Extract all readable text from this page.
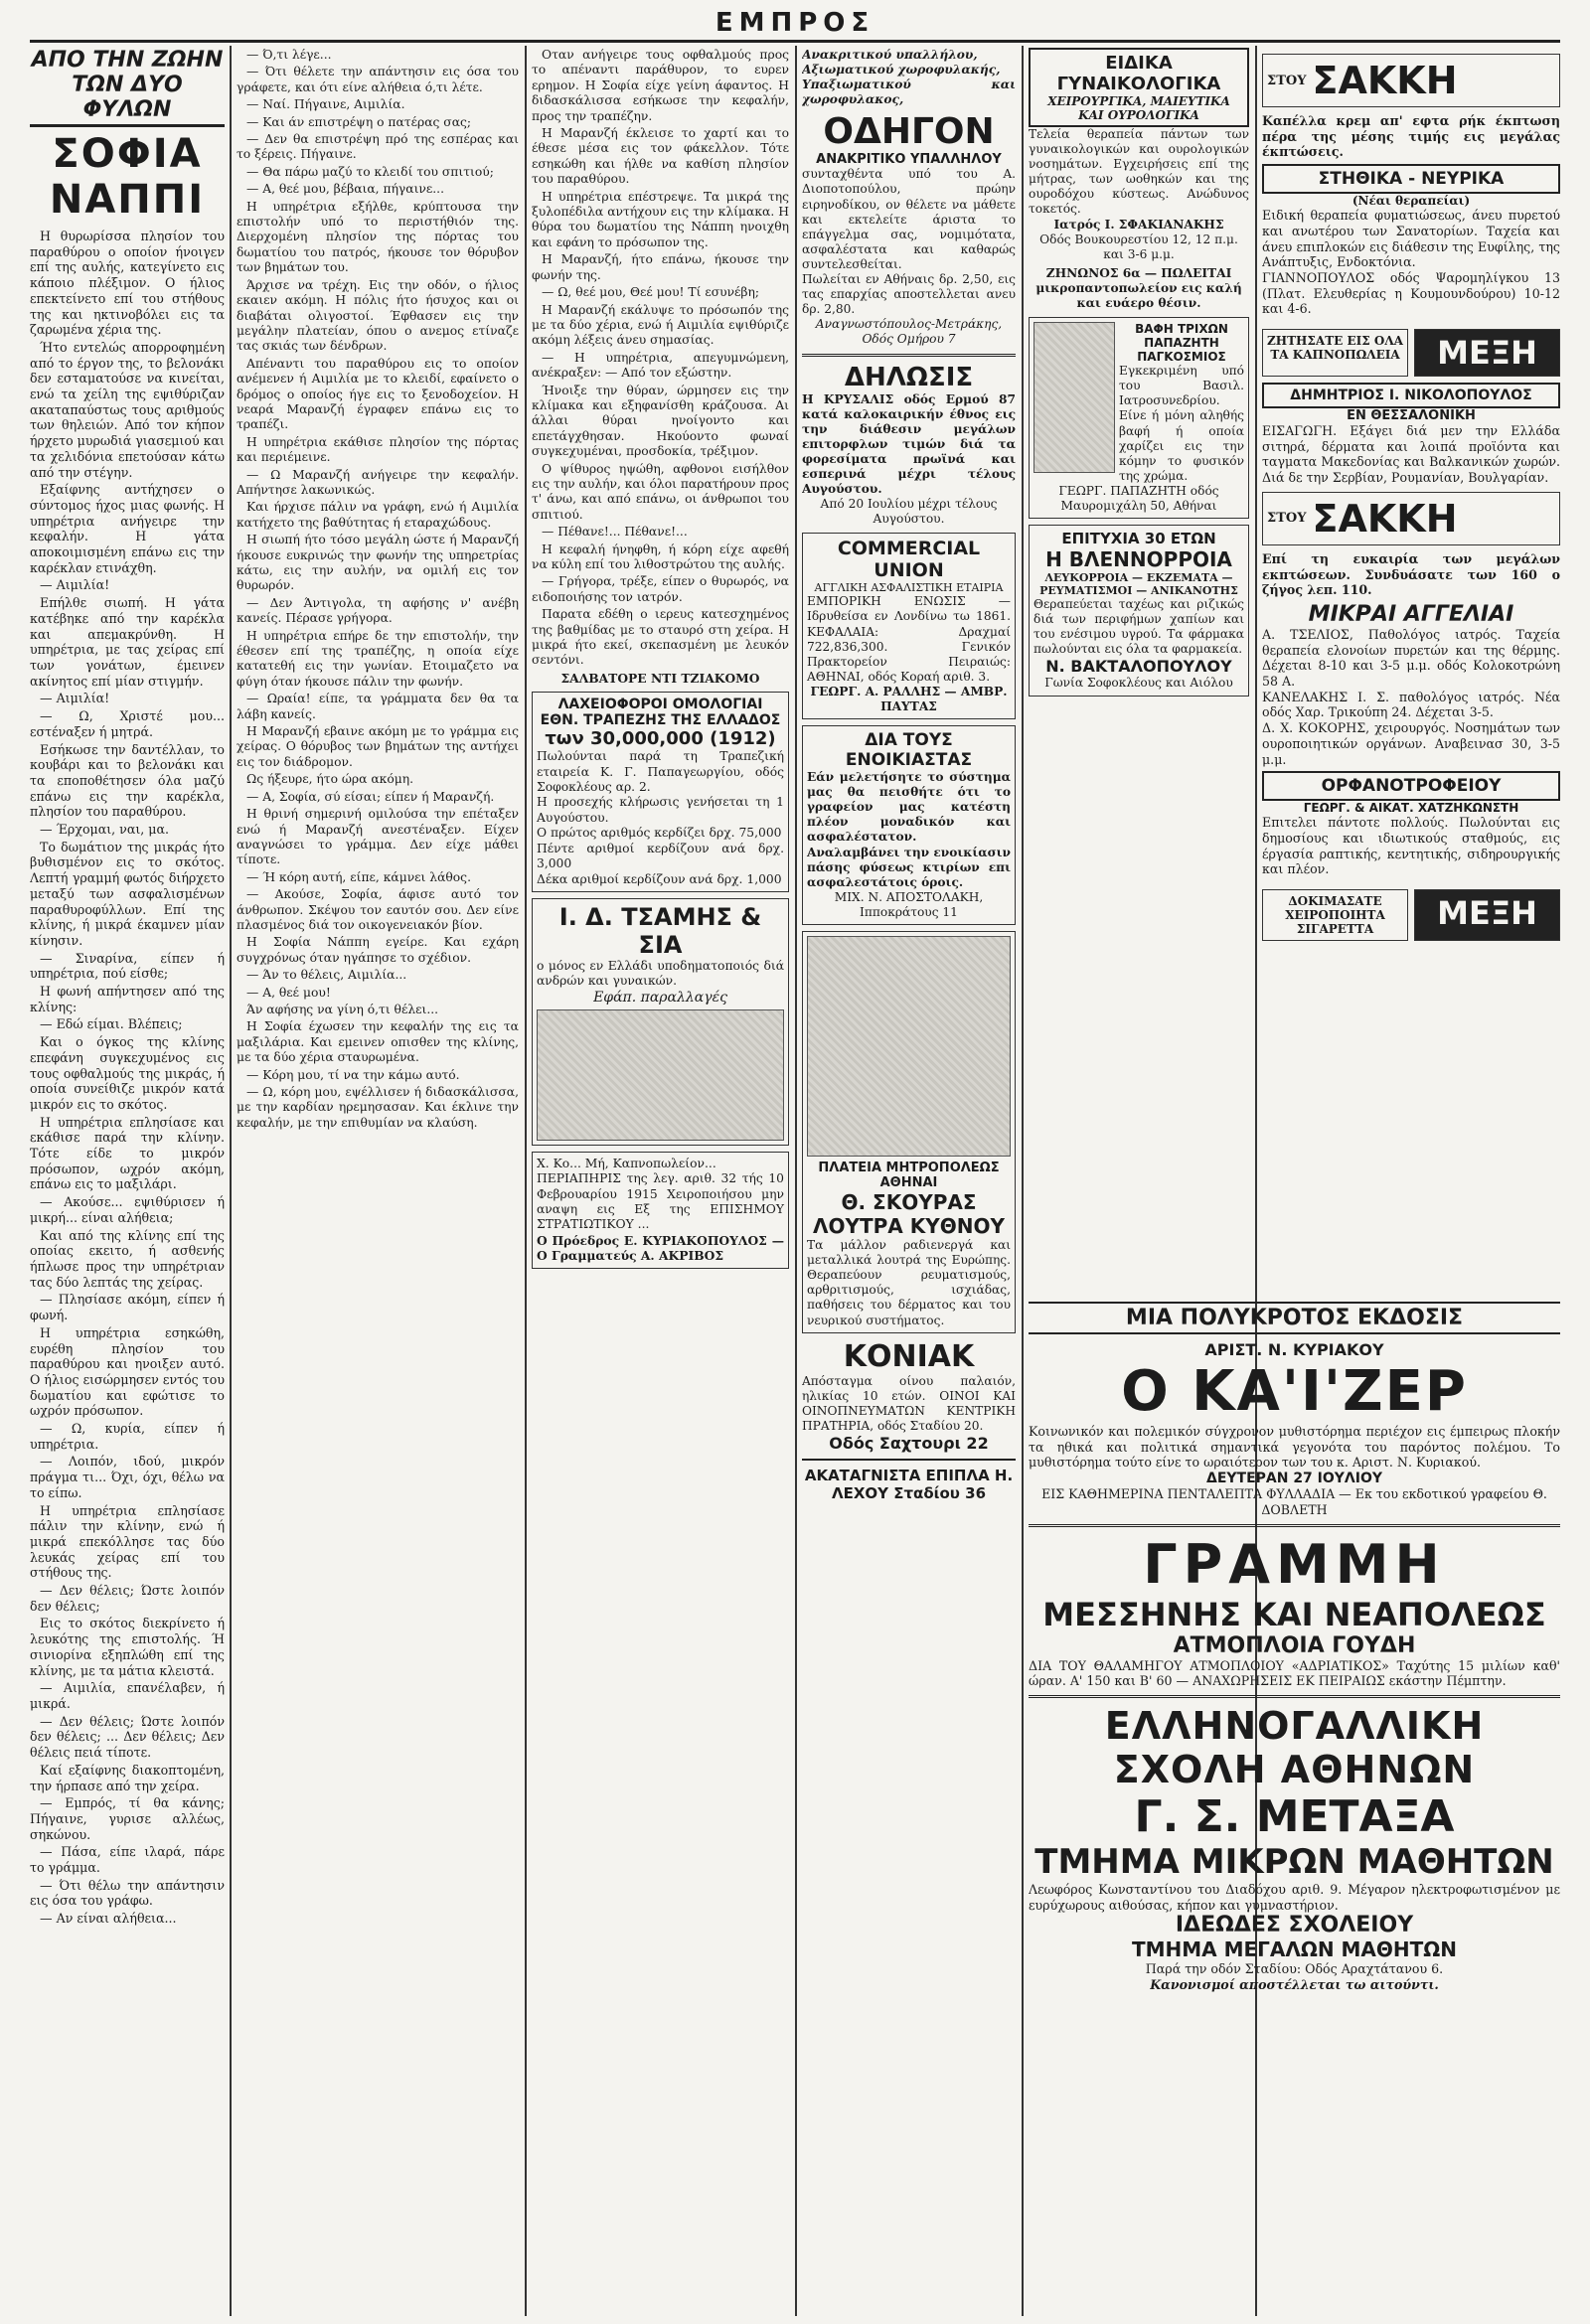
ΕΜΠΡΟΣ
ΑΠΟ ΤΗΝ ΖΩΗΝ ΤΩΝ ΔΥΟ ΦΥΛΩΝ
ΣΟΦΙΑ ΝΑΠΠΙ

Η θυρωρίσσα πλησίον του παραθύρου ο οποίον ήνοιγεν επί της αυλής, κατεγίνετο εις κάποιο πλέξιμον. Ο ήλιος επεκτείνετο επί του στήθους της και ηκτινοβόλει εις τα ζαρωμένα χέρια της.

Ήτο εντελώς απορροφημένη από το έργον της, το βελονάκι δεν εσταματούσε να κινείται, ενώ τα χείλη της εψιθύριζαν ακαταπαύστως τους αριθμούς των θηλειών. Από τον κήπον ήρχετο μυρωδιά γιασεμιού και τα χελιδόνια επετούσαν κάτω από την στέγην.

Εξαίφνης αντήχησεν ο σύντομος ήχος μιας φωνής. Η υπηρέτρια ανήγειρε την κεφαλήν. Η γάτα αποκοιμισμένη επάνω εις την καρέκλαν ετινάχθη.

— Αιμιλία!

Επήλθε σιωπή. Η γάτα κατέβηκε από την καρέκλα και απεμακρύνθη. Η υπηρέτρια, με τας χείρας επί των γονάτων, έμεινεν ακίνητος επί μίαν στιγμήν.

— Αιμιλία!

— Ω, Χριστέ μου... εστέναξεν ή μητρά.

Εσήκωσε την δαντέλλαν, το κουβάρι και το βελονάκι και τα εποποθέτησεν όλα μαζύ επάνω εις την καρέκλα, πλησίον του παραθύρου.

— Έρχομαι, ναι, μα.

Το δωμάτιον της μικράς ήτο βυθισμένον εις το σκότος. Λεπτή γραμμή φωτός διήρχετο μεταξύ των ασφαλισμένων παραθυροφύλλων. Επί της κλίνης, ή μικρά έκαμνεν μίαν κίνησιν.

— Σιναρίνα, είπεν ή υπηρέτρια, πού είσθε;

Η φωνή απήντησεν από της κλίνης:

— Εδώ είμαι. Βλέπεις;

Και ο όγκος της κλίνης επεφάνη συγκεχυμένος εις τους οφθαλμούς της μικράς, ή οποία συνείθιζε μικρόν κατά μικρόν εις το σκότος.

Η υπηρέτρια επλησίασε και εκάθισε παρά την κλίνην. Τότε είδε το μικρόν πρόσωπον, ωχρόν ακόμη, επάνω εις το μαξιλάρι.

— Ακούσε... εψιθύρισεν ή μικρή... είναι αλήθεια;

Και από της κλίνης επί της οποίας εκειτο, ή ασθενής ήπλωσε προς την υπηρέτριαν τας δύο λεπτάς της χείρας.

— Πλησίασε ακόμη, είπεν ή φωνή.

Η υπηρέτρια εσηκώθη, ευρέθη πλησίον του παραθύρου και ηνοιξεν αυτό. Ο ήλιος εισώρμησεν εντός του δωματίου και εφώτισε το ωχρόν πρόσωπον.

— Ω, κυρία, είπεν ή υπηρέτρια.

— Λοιπόν, ιδού, μικρόν πράγμα τι... Όχι, όχι, θέλω να το είπω.

Η υπηρέτρια επλησίασε πάλιν την κλίνην, ενώ ή μικρά επεκόλλησε τας δύο λευκάς χείρας επί του στήθους της.

— Δεν θέλεις; Ώστε λοιπόν δεν θέλεις;

Εις το σκότος διεκρίνετο ή λευκότης της επιστολής. Ή σινιορίνα εξηπλώθη επί της κλίνης, με τα μάτια κλειστά.

— Αιμιλία, επανέλαβεν, ή μικρά.

— Δεν θέλεις; Ώστε λοιπόν δεν θέλεις; ... Δεν θέλεις; Δεν θέλεις πειά τίποτε.

Καί εξαίφνης διακοπτομένη, την ήρπασε από την χείρα.

— Εμπρός, τί θα κάνης; Πήγαινε, γυρισε αλλέως, σηκώνου.

— Πάσα, είπε ιλαρά, πάρε το γράμμα.

— Ότι θέλω την απάντησιν εις όσα του γράφω.

— Αν είναι αλήθεια...

— Ό,τι λέγε...

— Ότι θέλετε την απάντησιν εις όσα του γράφετε, και ότι είνε αλήθεια ό,τι λέτε.

— Ναί. Πήγαινε, Αιμιλία.

— Και άν επιστρέψη ο πατέρας σας;

— Δεν θα επιστρέψη πρό της εσπέρας και το ξέρεις. Πήγαινε.

— Θα πάρω μαζύ το κλειδί του σπιτιού;

— Α, θεέ μου, βέβαια, πήγαινε...

Η υπηρέτρια εξήλθε, κρύπτουσα την επιστολήν υπό το περιστήθιόν της. Διερχομένη πλησίον της πόρτας του δωματίου του πατρός, ήκουσε τον θόρυβον των βημάτων του.

Άρχισε να τρέχη. Εις την οδόν, ο ήλιος εκαιεν ακόμη. Η πόλις ήτο ήσυχος και οι διαβάται ολιγοστοί. Έφθασεν εις την μεγάλην πλατείαν, όπου ο ανεμος ετίναζε τας σκιάς των δένδρων.

Απέναντι του παραθύρου εις το οποίον ανέμενεν ή Αιμιλία με το κλειδί, εφαίνετο ο δρόμος ο οποίος ήγε εις το ξενοδοχείον. Η νεαρά Μαρανζή έγραφεν επάνω εις το τραπέζι.

Η υπηρέτρια εκάθισε πλησίον της πόρτας και περιέμεινε.

— Ω Μαρανζή ανήγειρε την κεφαλήν. Απήντησε λακωνικώς.

Και ήρχισε πάλιν να γράφη, ενώ ή Αιμιλία κατήχετο της βαθύτητας ή εταραχώδους.

Η σιωπή ήτο τόσο μεγάλη ώστε ή Μαρανζή ήκουσε ευκρινώς την φωνήν της υπηρετρίας κάτω, εις την αυλήν, να ομιλή εις τον θυρωρόν.

— Δεν Άντιγολα, τη αφήσης ν' ανέβη κανείς. Πέρασε γρήγορα.

Η υπηρέτρια επήρε δε την επιστολήν, την έθεσεν επί της τραπέζης, η οποία είχε κατατεθή εις την γωνίαν. Ετοιμαζετο να φύγη όταν ήκουσε πάλιν την φωνήν.

— Ωραία! είπε, τα γράμματα δεν θα τα λάβη κανείς.

Η Μαρανζή εβαινε ακόμη με το γράμμα εις χείρας. Ο θόρυβος των βημάτων της αντήχει εις τον διάδρομον.

Ως ήξευρε, ήτο ώρα ακόμη.

— Α, Σοφία, σύ είσαι; είπεν ή Μαρανζή.

Η θρινή σημερινή ομιλούσα την επέταξεν ενώ ή Μαρανζή ανεστέναξεν. Είχεν αναγνώσει το γράμμα. Δεν είχε μάθει τίποτε.

— Ή κόρη αυτή, είπε, κάμνει λάθος.

— Ακούσε, Σοφία, άφισε αυτό τον άνθρωπον. Σκέψου τον εαυτόν σου. Δεν είνε πλασμένος διά τον οικογενειακόν βίον.

Η Σοφία Νάππη εγείρε. Και εχάρη συγχρόνως όταν ηγάπησε το σχέδιον.

— Άν το θέλεις, Αιμιλία...

— Α, θεέ μου!

Άν αφήσης να γίνη ό,τι θέλει...

Η Σοφία έχωσεν την κεφαλήν της εις τα μαξιλάρια. Και εμεινεν οπισθεν της κλίνης, με τα δύο χέρια σταυρωμένα.

— Κόρη μου, τί να την κάμω αυτό.

— Ω, κόρη μου, εψέλλισεν ή διδασκάλισσα, με την καρδίαν ηρεμησασαν. Και έκλινε την κεφαλήν, με την επιθυμίαν να κλαύση.

Οταν ανήγειρε τους οφθαλμούς προς το απέναντι παράθυρον, το ευρεν ερημον. Η Σοφία είχε γείνη άφαντος. Η διδασκάλισσα εσήκωσε την κεφαλήν, προς την τραπέζην.

Η Μαρανζή έκλεισε το χαρτί και το έθεσε μέσα εις τον φάκελλον. Τότε εσηκώθη και ήλθε να καθίση πλησίον του παραθύρου.

Η υπηρέτρια επέστρεψε. Τα μικρά της ξυλοπέδιλα αντήχουν εις την κλίμακα. Η θύρα του δωματίου της Νάππη ηνοιχθη και εφάνη το πρόσωπον της.

Η Μαρανζή, ήτο επάνω, ήκουσε την φωνήν της.

— Ω, θεέ μου, Θεέ μου! Τί εσυνέβη;

Η Μαρανζή εκάλυψε το πρόσωπόν της με τα δύο χέρια, ενώ ή Αιμιλία εψιθύριζε ακόμη λέξεις άνευ σημασίας.

— Η υπηρέτρια, απεγυμνώμενη, ανέκραξεν: — Από τον εξώστην.

Ήνοιξε την θύραν, ώρμησεν εις την κλίμακα και εξηφανίσθη κράζουσα. Αι άλλαι θύραι ηνοίγοντο και επετάγχθησαν. Ηκούοντο φωναί συγκεχυμέναι, προσδοκία, τρέξιμον.

Ο ψίθυρος ηψώθη, αφθονοι εισήλθον εις την αυλήν, και όλοι παρατήρουν προς τ' άνω, και από επάνω, οι άνθρωποι του σπιτιού.

— Πέθανε!... Πέθανε!...

Η κεφαλή ήνηφθη, ή κόρη είχε αφεθή να κύλη επί του λιθοστρώτου της αυλής.

— Γρήγορα, τρέξε, είπεν ο θυρωρός, να ειδοποιήσης τον ιατρόν.

Παρατα εδέθη ο ιερευς κατεσχημένος της βαθμίδας με το σταυρό στη χείρα. Η μικρά ήτο εκεί, σκεπασμένη με λευκόν σεντόνι.

ΣΑΛΒΑΤΟΡΕ ΝΤΙ ΤΖΙΑΚΟΜΟ

ΛΑΧΕΙΟΦΟΡΟΙ ΟΜΟΛΟΓΙΑΙ ΕΘΝ. ΤΡΑΠΕΖΗΣ ΤΗΣ ΕΛΛΑΔΟΣ
των 30,000,000 (1912)
Πωλούνται παρά τη Τραπεζική εταιρεία Κ. Γ. Παπαγεωργίου, οδός Σοφοκλέους αρ. 2.
Η προσεχής κλήρωσις γενήσεται τη 1 Αυγούστου.
Ο πρώτος αριθμός κερδίζει δρχ. 75,000
Πέντε αριθμοί κερδίζουν ανά δρχ. 3,000
Δέκα αριθμοί κερδίζουν ανά δρχ. 1,000
Ι. Δ. ΤΣΑΜΗΣ & ΣΙΑ
ο μόνος εν Ελλάδι υποδηματοποιός διά ανδρών και γυναικών.
Εφάπ. παραλλαγές
Χ. Κο... Μή, Καπνοπωλείον...
ΠΕΡΙΑΠΗΡΙΣ της λεγ. αριθ. 32 τής 10 Φεβρουαρίου 1915 Χειροποιήσου μην αναψη εις Εξ της ΕΠΙΣΗΜΟΥ ΣΤΡΑΤΙΩΤΙΚΟΥ ...
Ο Πρόεδρος Ε. ΚΥΡΙΑΚΟΠΟΥΛΟΣ — Ο Γραμματεύς Α. ΑΚΡΙΒΟΣ
Ανακριτικού υπαλλήλου,
Αξιωματικού χωροφυλακής,
Υπαξιωματικού και χωροφυλακος,
ΟΔΗΓΟΝ
ΑΝΑΚΡΙΤΙΚΟ ΥΠΑΛΛΗΛΟΥ
συνταχθέντα υπό του Α. Διοποτοπούλου, πρώην ειρηνοδίκου, ον θέλετε να μάθετε και εκτελείτε άριστα το επάγγελμα σας, νομιμότατα, ασφαλέστατα και καθαρώς συντελεσθείται.
Πωλείται εν Αθήναις δρ. 2,50, εις τας επαρχίας αποστελλεται ανευ δρ. 2,80.
Αναγνωστόπουλος-Μετράκης, Οδός Ομήρου 7
ΔΗΛΩΣΙΣ
Η ΚΡΥΣΑΛΙΣ οδός Ερμού 87 κατά καλοκαιρικήν έθνος εις την διάθεσιν μεγάλων επιτορφλων τιμών διά τα φορεσίματα πρωϊνά και εσπερινά μέχρι τέλους Αυγούστου.
Από 20 Ιουλίου μέχρι τέλους Αυγούστου.
COMMERCIAL UNION
ΑΓΓΛΙΚΗ ΑΣΦΑΛΙΣΤΙΚΗ ΕΤΑΙΡΙΑ
ΕΜΠΟΡΙΚΗ ΕΝΩΣΙΣ — Ιδρυθείσα εν Λονδίνω τω 1861. ΚΕΦΑΛΑΙΑ: Δραχμαί 722,836,300. Γενικόν Πρακτορείον Πειραιώς: ΑΘΗΝΑΙ, οδός Κοραή αριθ. 3.
ΓΕΩΡΓ. Α. ΡΑΛΛΗΣ — ΑΜΒΡ. ΠΑΥΤΑΣ
ΔΙΑ ΤΟΥΣ ΕΝΟΙΚΙΑΣΤΑΣ
Εάν μελετήσητε το σύστημα μας θα πεισθήτε ότι το γραφείον μας κατέστη πλέον μοναδικόν και ασφαλέστατον. Αναλαμβάνει την ενοικίασιν πάσης φύσεως κτιρίων επι ασφαλεστάτοις όροις.
ΜΙΧ. Ν. ΑΠΟΣΤΟΛΑΚΗ, Ιπποκράτους 11
ΠΛΑΤΕΙΑ ΜΗΤΡΟΠΟΛΕΩΣ ΑΘΗΝΑΙ
Θ. ΣΚΟΥΡΑΣ ΛΟΥΤΡΑ ΚΥΘΝΟΥ
Τα μάλλον ραδιενεργά και μεταλλικά λουτρά της Ευρώπης. Θεραπεύουν ρευματισμούς, αρθριτισμούς, ισχιάδας, παθήσεις του δέρματος και του νευρικού συστήματος.
ΚΟΝΙΑΚ
Απόσταγμα οίνου παλαιόν, ηλικίας 10 ετών. ΟΙΝΟΙ ΚΑΙ ΟΙΝΟΠΝΕΥΜΑΤΩΝ ΚΕΝΤΡΙΚΗ ΠΡΑΤΗΡΙΑ, οδός Σταδίου 20.
Οδός Σαχτουρι 22
ΑΚΑΤΑΓΝΙΣΤΑ ΕΠΙΠΛΑ Η. ΛΕΧΟΥ Σταδίου 36
ΕΙΔΙΚΑ ΓΥΝΑΙΚΟΛΟΓΙΚΑ
ΧΕΙΡΟΥΡΓΙΚΑ, ΜΑΙΕΥΤΙΚΑ ΚΑΙ ΟΥΡΟΛΟΓΙΚΑ
Τελεία θεραπεία πάντων των γυναικολογικών και ουρολογικών νοσημάτων. Εγχειρήσεις επί της μήτρας, των ωοθηκών και της ουροδόχου κύστεως. Ανώδυνος τοκετός.
Ιατρός Ι. ΣΦΑΚΙΑΝΑΚΗΣ
Οδός Βουκουρεστίου 12, 12 π.μ. και 3-6 μ.μ.
ΖΗΝΩΝΟΣ 6α — ΠΩΛΕΙΤΑΙ μικροπαντοπωλείον εις καλή και ευάερο θέσιν.
ΒΑΦΗ ΤΡΙΧΩΝ ΠΑΠΑΖΗΤΗ ΠΑΓΚΟΣΜΙΟΣ
Εγκεκριμένη υπό του Βασιλ. Ιατροσυνεδρίου. Είνε ή μόνη αληθής βαφή ή οποία χαρίζει εις την κόμην το φυσικόν της χρώμα.
ΓΕΩΡΓ. ΠΑΠΑΖΗΤΗ οδός Μαυρομιχάλη 50, Αθήναι
ΕΠΙΤΥΧΙΑ 30 ΕΤΩΝ
Η ΒΛΕΝΝΟΡΡΟΙΑ
ΛΕΥΚΟΡΡΟΙΑ — ΕΚΖΕΜΑΤΑ — ΡΕΥΜΑΤΙΣΜΟΙ — ΑΝΙΚΑΝΟΤΗΣ
Θεραπεύεται ταχέως και ριζικώς διά των περιφήμων χαπίων και του ενέσιμου υγρού. Τα φάρμακα πωλούνται εις όλα τα φαρμακεία.
Ν. ΒΑΚΤΑΛΟΠΟΥΛΟΥ
Γωνία Σοφοκλέους και Αιόλου
ΣΤΟΥ ΣΑΚΚΗ
Καπέλλα κρεμ απ' εφτα ρήκ έκπτωση πέρα της μέσης τιμής εις μεγάλας έκπτώσεις.
ΣΤΗΘΙΚΑ - ΝΕΥΡΙΚΑ
(Νέαι θεραπείαι)
Ειδική θεραπεία φυματιώσεως, άνευ πυρετού και ανωτέρου των Σανατορίων. Ταχεία και άνευ επιπλοκών εις διάθεσιν της Ευφίλης, της Ανάπτυξις, Ενδοκτόνια.
ΓΙΑΝΝΟΠΟΥΛΟΣ οδός Ψαρομηλίγκου 13 (Πλατ. Ελευθερίας η Κουμουνδούρου) 10-12 και 4-6.
ΖΗΤΗΣΑΤΕ ΕΙΣ ΟΛΑ ΤΑ ΚΑΠΝΟΠΩΛΕΙΑ	ΜΕΞΗ
ΔΗΜΗΤΡΙΟΣ Ι. ΝΙΚΟΛΟΠΟΥΛΟΣ
ΕΝ ΘΕΣΣΑΛΟΝΙΚΗ
ΕΙΣΑΓΩΓΗ. Εξάγει διά μεν την Ελλάδα σιτηρά, δέρματα και λοιπά προϊόντα και ταγματα Μακεδονίας και Βαλκανικών χωρών. Διά δε την Σερβίαν, Ρουμανίαν, Βουλγαρίαν.
ΣΤΟΥ ΣΑΚΚΗ
Επί τη ευκαιρία των μεγάλων εκπτώσεων. Συνδυάσατε των 160 ο ζήγος λεπ. 110.
ΜΙΚΡΑΙ ΑΓΓΕΛΙΑΙ
Α. ΤΣΕΛΙΟΣ, Παθολόγος ιατρός. Ταχεία θεραπεία ελονοίων πυρετών και της θέρμης. Δέχεται 8-10 και 3-5 μ.μ. οδός Κολοκοτρώνη 58 Α.
ΚΑΝΕΛΑΚΗΣ Ι. Σ. παθολόγος ιατρός. Νέα οδός Χαρ. Τρικούπη 24. Δέχεται 3-5.
Δ. Χ. ΚΟΚΟΡΗΣ, χειρουργός. Νοσημάτων των ουροποιητικών οργάνων. Αναβεινασ 30, 3-5 μ.μ.
ΟΡΦΑΝΟΤΡΟΦΕΙΟΥ
ΓΕΩΡΓ. & ΑΙΚΑΤ. ΧΑΤΖΗΚΩΝΣΤΗ
Επιτελει πάντοτε πολλούς. Πωλούνται εις δημοσίους και ιδιωτικούς σταθμούς, εις έργασία ραπτικής, κεντητικής, σιδηρουργικής και πλέον.
ΔΟΚΙΜΑΣΑΤΕ ΧΕΙΡΟΠΟΙΗΤΑ ΣΙΓΑΡΕΤΤΑ	ΜΕΞΗ
ΜΙΑ ΠΟΛΥΚΡΟΤΟΣ ΕΚΔΟΣΙΣ
ΑΡΙΣΤ. Ν. ΚΥΡΙΑΚΟΥ
Ο ΚΑ'Ι'ΖΕΡ
Κοινωνικόν και πολεμικόν σύγχρονον μυθιστόρημα περιέχον εις έμπειρως πλοκήν τα ηθικά και πολιτικά σημαντικά γεγονότα του παρόντος πολέμου. Το μυθιστόρημα τούτο είνε το ωραιότερον των του κ. Αριστ. Ν. Κυριακού.
ΔΕΥΤΕΡΑΝ 27 ΙΟΥΛΙΟΥ
ΕΙΣ ΚΑΘΗΜΕΡΙΝΑ ΠΕΝΤΑΛΕΠΤΑ ΦΥΛΛΑΔΙΑ — Εκ του εκδοτικού γραφείου Θ. ΔΟΒΛΕΤΗ
ΓΡΑΜΜΗ
ΜΕΣΣΗΝΗΣ ΚΑΙ ΝΕΑΠΟΛΕΩΣ
ΑΤΜΟΠΛΟΙΑ ΓΟΥΔΗ
ΔΙΑ ΤΟΥ ΘΑΛΑΜΗΓΟΥ ΑΤΜΟΠΛΟΙΟΥ «ΑΔΡΙΑΤΙΚΟΣ» Ταχύτης 15 μιλίων καθ' ώραν. Α' 150 και Β' 60 — ΑΝΑΧΩΡΗΣΕΙΣ ΕΚ ΠΕΙΡΑΙΩΣ εκάστην Πέμπτην.
ΕΛΛΗΝΟΓΑΛΛΙΚΗ ΣΧΟΛΗ ΑΘΗΝΩΝ
Γ. Σ. ΜΕΤΑΞΑ
ΤΜΗΜΑ ΜΙΚΡΩΝ ΜΑΘΗΤΩΝ
Λεωφόρος Κωνσταντίνου του Διαδόχου αριθ. 9. Μέγαρον ηλεκτροφωτισμένον με ευρύχωρους αιθούσας, κήπον και γυμναστήριον.
ΙΔΕΩΔΕΣ ΣΧΟΛΕΙΟΥ
ΤΜΗΜΑ ΜΕΓΑΛΩΝ ΜΑΘΗΤΩΝ
Παρά την οδόν Σταδίου: Οδός Αραχτάτανου 6.
Κανονισμοί αποστέλλεται τω αιτούντι.
